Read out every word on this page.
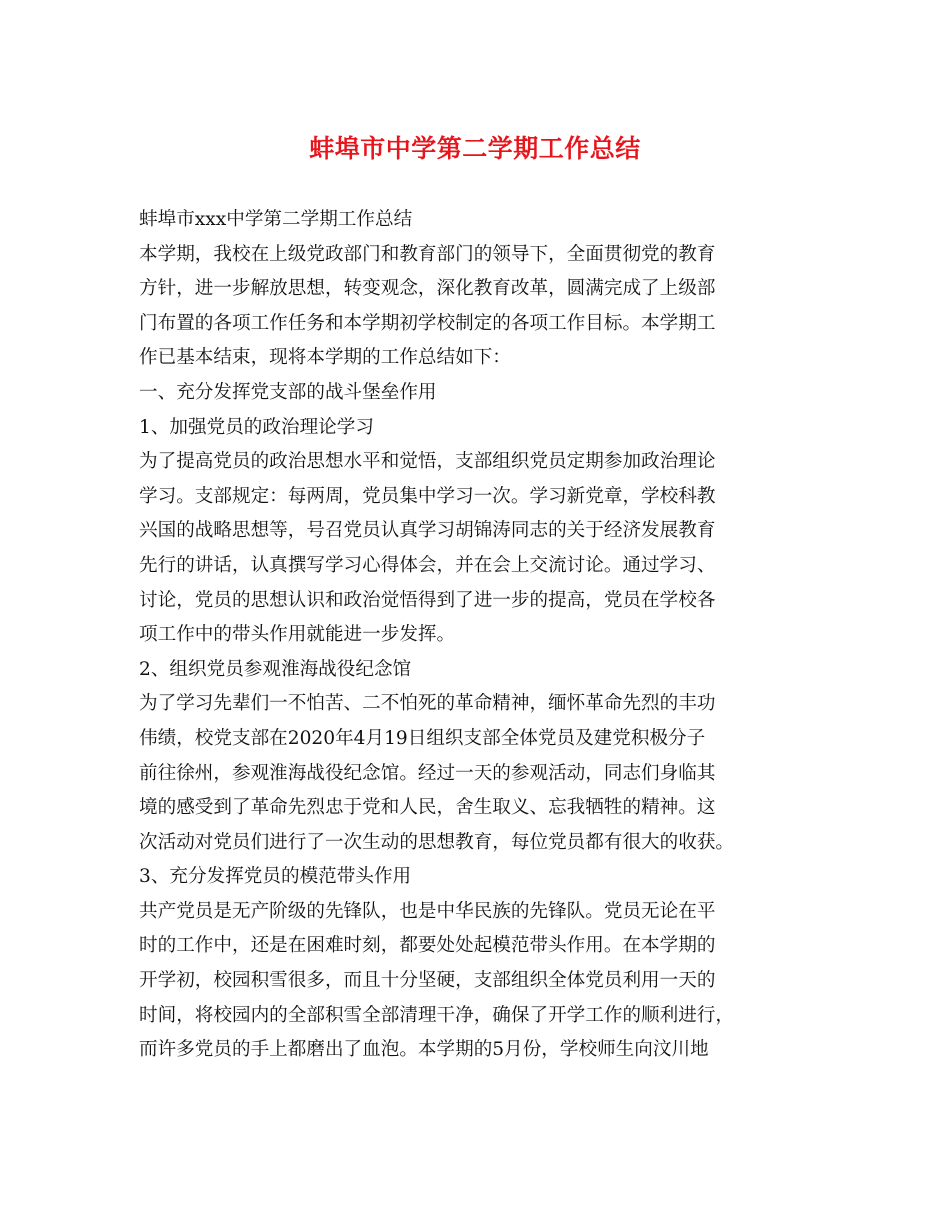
蚌埠市中学第二学期工作总结
蚌埠市xxx中学第二学期工作总结
本学期，我校在上级党政部门和教育部门的领导下，全面贯彻党的教育
方针，进一步解放思想，转变观念，深化教育改革，圆满完成了上级部
门布置的各项工作任务和本学期初学校制定的各项工作目标。本学期工
作已基本结束，现将本学期的工作总结如下：
一、充分发挥党支部的战斗堡垒作用
1、加强党员的政治理论学习
为了提高党员的政治思想水平和觉悟，支部组织党员定期参加政治理论
学习。支部规定：每两周，党员集中学习一次。学习新党章，学校科教
兴国的战略思想等，号召党员认真学习胡锦涛同志的关于经济发展教育
先行的讲话，认真撰写学习心得体会，并在会上交流讨论。通过学习、
讨论，党员的思想认识和政治觉悟得到了进一步的提高，党员在学校各
项工作中的带头作用就能进一步发挥。
2、组织党员参观淮海战役纪念馆
为了学习先辈们一不怕苦、二不怕死的革命精神，缅怀革命先烈的丰功
伟绩，校党支部在2020年4月19日组织支部全体党员及建党积极分子
前往徐州，参观淮海战役纪念馆。经过一天的参观活动，同志们身临其
境的感受到了革命先烈忠于党和人民，舍生取义、忘我牺牲的精神。这
次活动对党员们进行了一次生动的思想教育，每位党员都有很大的收获。
3、充分发挥党员的模范带头作用
共产党员是无产阶级的先锋队，也是中华民族的先锋队。党员无论在平
时的工作中，还是在困难时刻，都要处处起模范带头作用。在本学期的
开学初，校园积雪很多，而且十分坚硬，支部组织全体党员利用一天的
时间，将校园内的全部积雪全部清理干净，确保了开学工作的顺利进行，
而许多党员的手上都磨出了血泡。本学期的5月份，学校师生向汶川地
